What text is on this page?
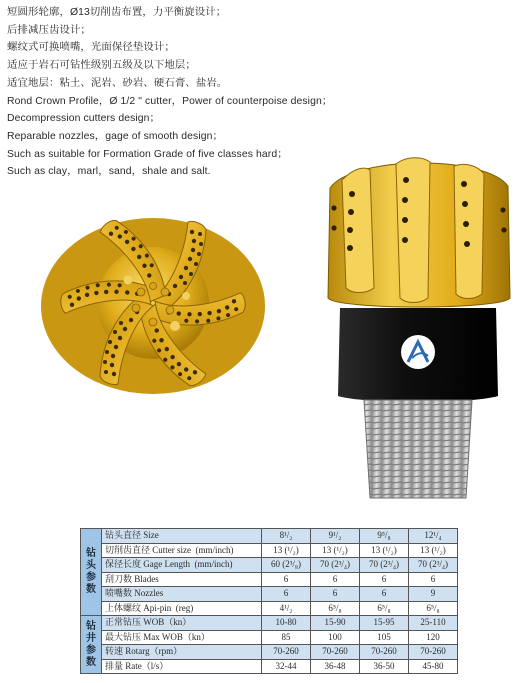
短圆形轮廓，Ø13切削齿布置，力平衡旋设计；
后排减压齿设计；
螺纹式可换喷嘴，光面保径垫设计；
适应于岩石可钻性级别五级及以下地层；
适宜地层：粘土、泥岩、砂岩、硬石膏、盐岩。
Rond Crown Profile，Ø 1/2 " cutter，Power of counterpoise design；
Decompression cutters design；
Reparable nozzles，gage of smooth design；
Such as suitable for Formation Grade of five classes hard；
Such as clay，marl，sand，shale and salt.
钻
头
参
数	钻头直径 Size	8¹/₂	9¹/₂	9⁵/₈	12¹/₄
	切削齿直径 Cutter size  (mm/inch)	13 (¹/₂)	13 (¹/₂)	13 (¹/₂)	13 (¹/₂)
	保径长度 Gage Length  (mm/inch)	60 (2³/₈)	70 (2³/₄)	70 (2³/₄)	70 (2³/₄)
	刮刀数 Blades	6	6	6	6
	喷嘴数 Nozzles	6	6	6	9
	上体螺纹 Api-pin  (reg)	4¹/₂	6⁵/₈	6⁵/₈	6⁵/₈

钻
井
参
数	正常钻压 WOB（kn）	10-80	15-90	15-95	25-110
	最大钻压 Max WOB（kn）	85	100	105	120
	转速 Rotarg（rpm）	70-260	70-260	70-260	70-260
	排量 Rate（l/s）	32-44	36-48	36-50	45-80
